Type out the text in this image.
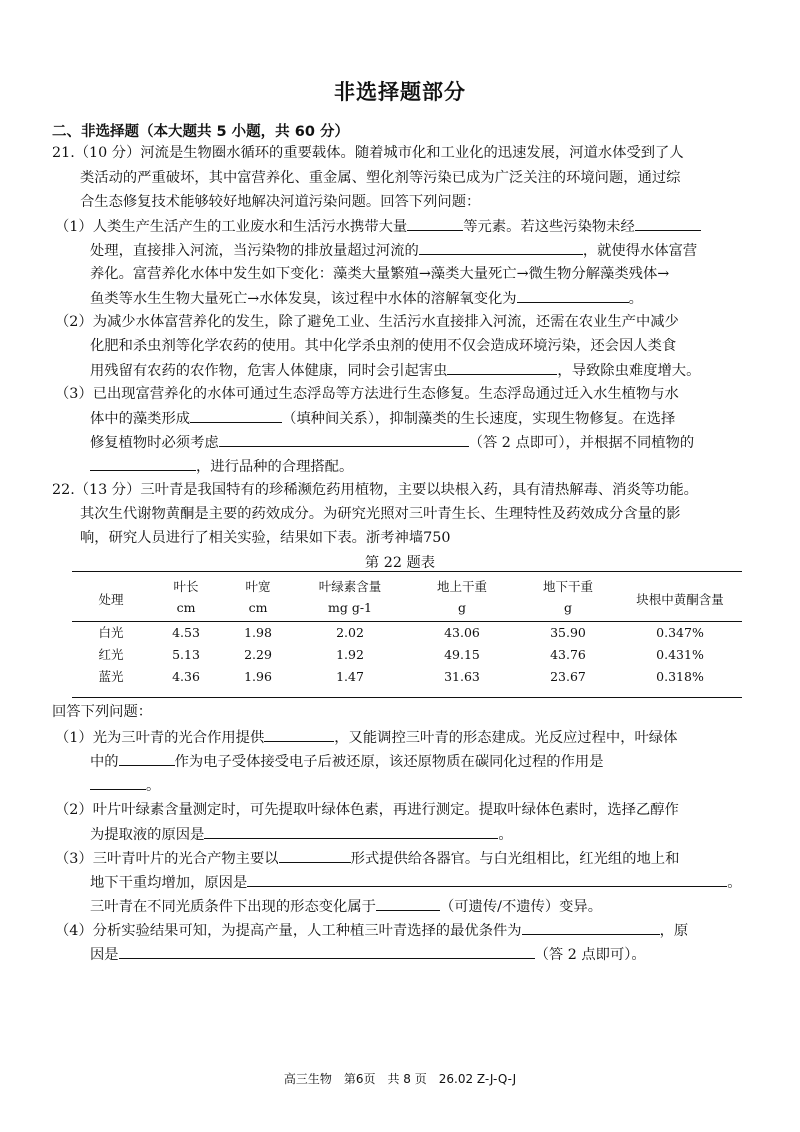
非选择题部分
二、非选择题（本大题共 5 小题，共 60 分）
21.（10 分）河流是生物圈水循环的重要载体。随着城市化和工业化的迅速发展，河道水体受到了人
类活动的严重破坏，其中富营养化、重金属、塑化剂等污染已成为广泛关注的环境问题，通过综
合生态修复技术能够较好地解决河道污染问题。回答下列问题：
（1）人类生产生活产生的工业废水和生活污水携带大量	等元素。若这些污染物未经
处理，直接排入河流，当污染物的排放量超过河流的	，就使得水体富营
养化。富营养化水体中发生如下变化：藻类大量繁殖→藻类大量死亡→微生物分解藻类残体→
鱼类等水生生物大量死亡→水体发臭，该过程中水体的溶解氧变化为	。
（2）为减少水体富营养化的发生，除了避免工业、生活污水直接排入河流，还需在农业生产中减少
化肥和杀虫剂等化学农药的使用。其中化学杀虫剂的使用不仅会造成环境污染，还会因人类食
用残留有农药的农作物，危害人体健康，同时会引起害虫	，导致除虫难度增大。
（3）已出现富营养化的水体可通过生态浮岛等方法进行生态修复。生态浮岛通过迁入水生植物与水
体中的藻类形成	（填种间关系），抑制藻类的生长速度，实现生物修复。在选择
修复植物时必须考虑	（答 2 点即可），并根据不同植物的
，进行品种的合理搭配。
22.（13 分）三叶青是我国特有的珍稀濒危药用植物，主要以块根入药，具有清热解毒、消炎等功能。
其次生代谢物黄酮是主要的药效成分。为研究光照对三叶青生长、生理特性及药效成分含量的影
响，研究人员进行了相关实验，结果如下表。浙考神墙750
第 22 题表
处理	叶长	叶宽	叶绿素含量	地上干重	地下干重	块根中黄酮含量
	cm	cm	mg g-1	g	g	
白光	4.53	1.98	2.02	43.06	35.90	0.347%
红光	5.13	2.29	1.92	49.15	43.76	0.431%
蓝光	4.36	1.96	1.47	31.63	23.67	0.318%
回答下列问题：
（1）光为三叶青的光合作用提供	，又能调控三叶青的形态建成。光反应过程中，叶绿体
中的	作为电子受体接受电子后被还原，该还原物质在碳同化过程的作用是
。
（2）叶片叶绿素含量测定时，可先提取叶绿体色素，再进行测定。提取叶绿体色素时，选择乙醇作
为提取液的原因是	。
（3）三叶青叶片的光合产物主要以	形式提供给各器官。与白光组相比，红光组的地上和
地下干重均增加，原因是	。
三叶青在不同光质条件下出现的形态变化属于	（可遗传/不遗传）变异。
（4）分析实验结果可知，为提高产量，人工种植三叶青选择的最优条件为	，原
因是	（答 2 点即可）。
高三生物　第6页　共 8 页　26.02 Z-J-Q-J
